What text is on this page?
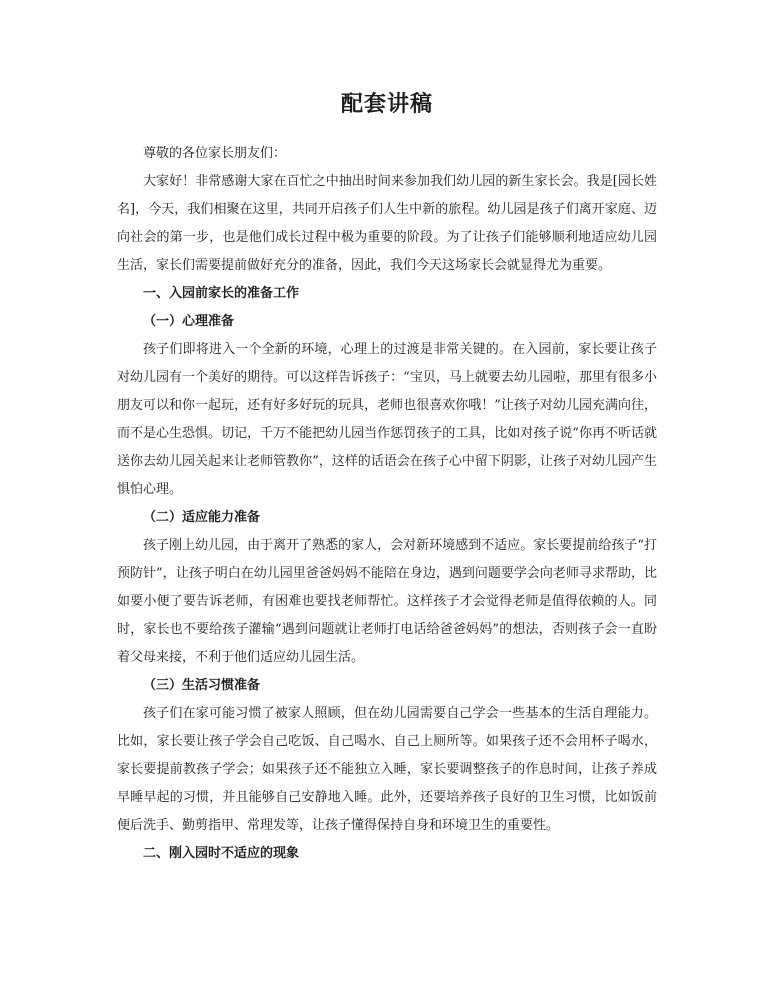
配套讲稿

尊敬的各位家长朋友们：

大家好！非常感谢大家在百忙之中抽出时间来参加我们幼儿园的新生家长会。我是[园长姓名]，今天，我们相聚在这里，共同开启孩子们人生中新的旅程。幼儿园是孩子们离开家庭、迈向社会的第一步，也是他们成长过程中极为重要的阶段。为了让孩子们能够顺利地适应幼儿园生活，家长们需要提前做好充分的准备，因此，我们今天这场家长会就显得尤为重要。

一、入园前家长的准备工作

（一）心理准备

孩子们即将进入一个全新的环境，心理上的过渡是非常关键的。在入园前，家长要让孩子对幼儿园有一个美好的期待。可以这样告诉孩子：“宝贝，马上就要去幼儿园啦，那里有很多小朋友可以和你一起玩，还有好多好玩的玩具，老师也很喜欢你哦！”让孩子对幼儿园充满向往，而不是心生恐惧。切记，千万不能把幼儿园当作惩罚孩子的工具，比如对孩子说“你再不听话就送你去幼儿园关起来让老师管教你”，这样的话语会在孩子心中留下阴影，让孩子对幼儿园产生惧怕心理。

（二）适应能力准备

孩子刚上幼儿园，由于离开了熟悉的家人，会对新环境感到不适应。家长要提前给孩子“打预防针”，让孩子明白在幼儿园里爸爸妈妈不能陪在身边，遇到问题要学会向老师寻求帮助，比如要小便了要告诉老师，有困难也要找老师帮忙。这样孩子才会觉得老师是值得依赖的人。同时，家长也不要给孩子灌输“遇到问题就让老师打电话给爸爸妈妈”的想法，否则孩子会一直盼着父母来接，不利于他们适应幼儿园生活。

（三）生活习惯准备

孩子们在家可能习惯了被家人照顾，但在幼儿园需要自己学会一些基本的生活自理能力。比如，家长要让孩子学会自己吃饭、自己喝水、自己上厕所等。如果孩子还不会用杯子喝水，家长要提前教孩子学会；如果孩子还不能独立入睡，家长要调整孩子的作息时间，让孩子养成早睡早起的习惯，并且能够自己安静地入睡。此外，还要培养孩子良好的卫生习惯，比如饭前便后洗手、勤剪指甲、常理发等，让孩子懂得保持自身和环境卫生的重要性。

二、刚入园时不适应的现象
